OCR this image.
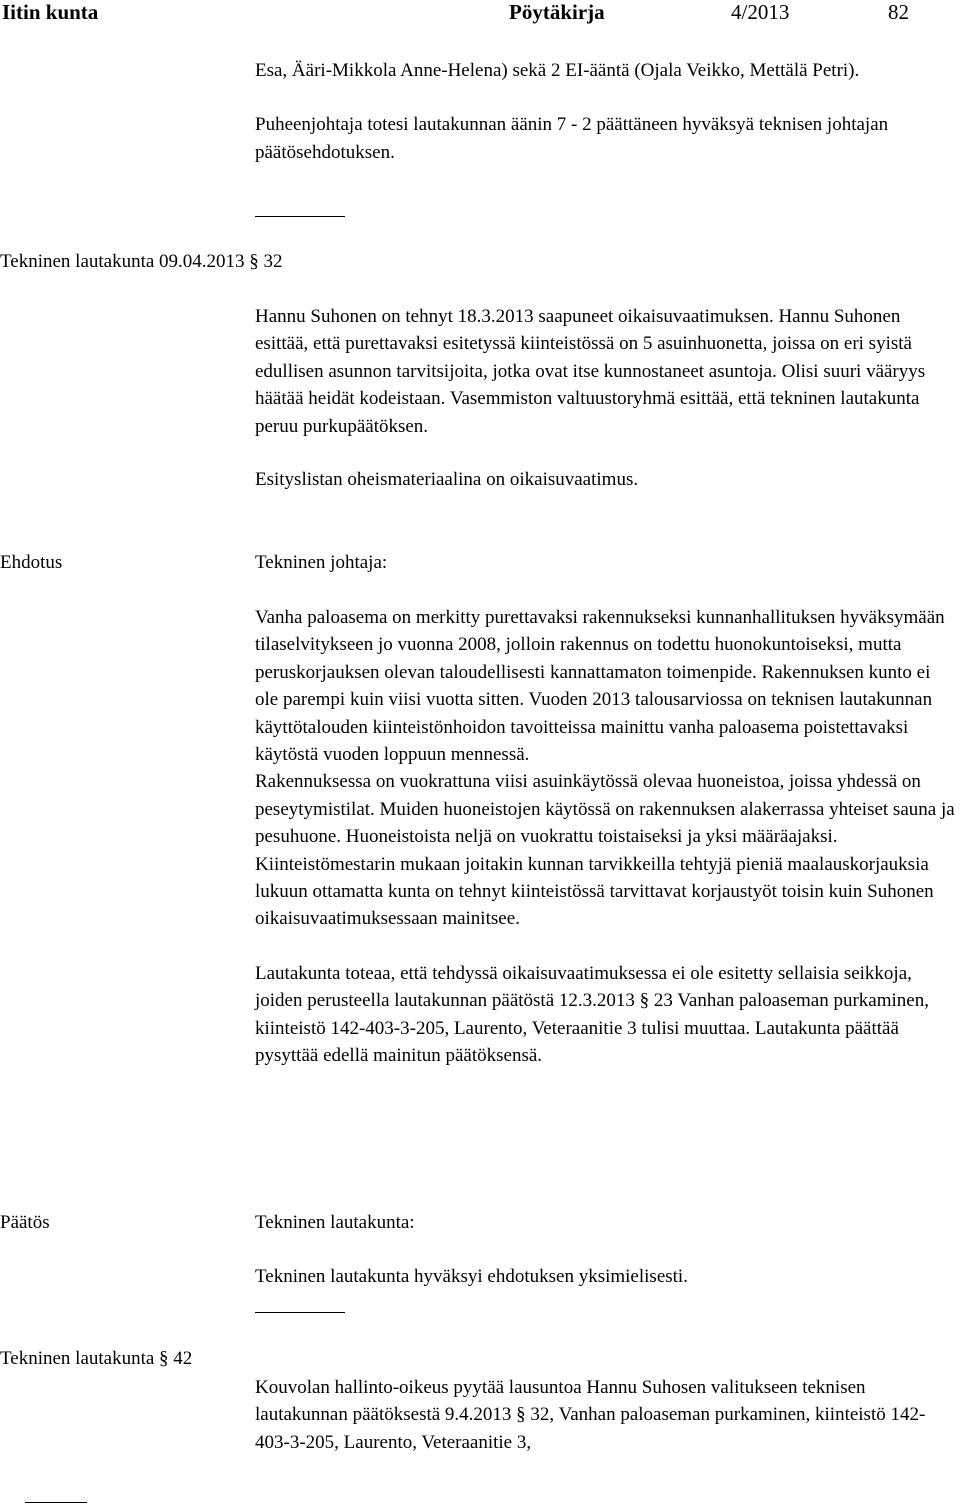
Iitin kunta	Pöytäkirja	4/2013	82

Esa, Ääri-Mikkola Anne-Helena) sekä 2 EI-ääntä (Ojala Veikko, Mettälä Petri).

Puheenjohtaja totesi lautakunnan äänin 7 - 2 päättäneen hyväksyä teknisen johtajan päätösehdotuksen.

Tekninen lautakunta 09.04.2013 § 32

Hannu Suhonen on tehnyt 18.3.2013 saapuneet oikaisuvaatimuksen. Hannu Suhonen esittää, että purettavaksi esitetyssä kiinteistössä on 5 asuinhuonetta, joissa on eri syistä edullisen asunnon tarvitsijoita, jotka ovat itse kunnostaneet asuntoja. Olisi suuri vääryys häätää heidät kodeistaan. Vasemmiston valtuustoryhmä esittää, että tekninen lautakunta peruu purkupäätöksen.

Esityslistan oheismateriaalina on oikaisuvaatimus.

Ehdotus	Tekninen johtaja:

Vanha paloasema on merkitty purettavaksi rakennukseksi kunnanhallituksen hyväksymään tilaselvitykseen jo vuonna 2008, jolloin rakennus on todettu huonokuntoiseksi, mutta peruskorjauksen olevan taloudellisesti kannattamaton toimenpide. Rakennuksen kunto ei ole parempi kuin viisi vuotta sitten. Vuoden 2013 talousarviossa on teknisen lautakunnan käyttötalouden kiinteistönhoidon tavoitteissa mainittu vanha paloasema poistettavaksi käytöstä vuoden loppuun mennessä.

Rakennuksessa on vuokrattuna viisi asuinkäytössä olevaa huoneistoa, joissa yhdessä on peseytymistilat. Muiden huoneistojen käytössä on rakennuksen alakerrassa yhteiset sauna ja pesuhuone. Huoneistoista neljä on vuokrattu toistaiseksi ja yksi määräajaksi.

Kiinteistömestarin mukaan joitakin kunnan tarvikkeilla tehtyjä pieniä maalauskorjauksia lukuun ottamatta kunta on tehnyt kiinteistössä tarvittavat korjaustyöt toisin kuin Suhonen oikaisuvaatimuksessaan mainitsee.

Lautakunta toteaa, että tehdyssä oikaisuvaatimuksessa ei ole esitetty sellaisia seikkoja, joiden perusteella lautakunnan päätöstä 12.3.2013 § 23 Vanhan paloaseman purkaminen, kiinteistö 142-403-3-205, Laurento, Veteraanitie 3 tulisi muuttaa. Lautakunta päättää pysyttää edellä mainitun päätöksensä.

Päätös	Tekninen lautakunta:
Tekninen lautakunta hyväksyi ehdotuksen yksimielisesti.
Tekninen lautakunta § 42

Kouvolan hallinto-oikeus pyytää lausuntoa Hannu Suhosen valitukseen teknisen lautakunnan päätöksestä 9.4.2013 § 32, Vanhan paloaseman purkaminen, kiinteistö 142-403-3-205, Laurento, Veteraanitie 3,
